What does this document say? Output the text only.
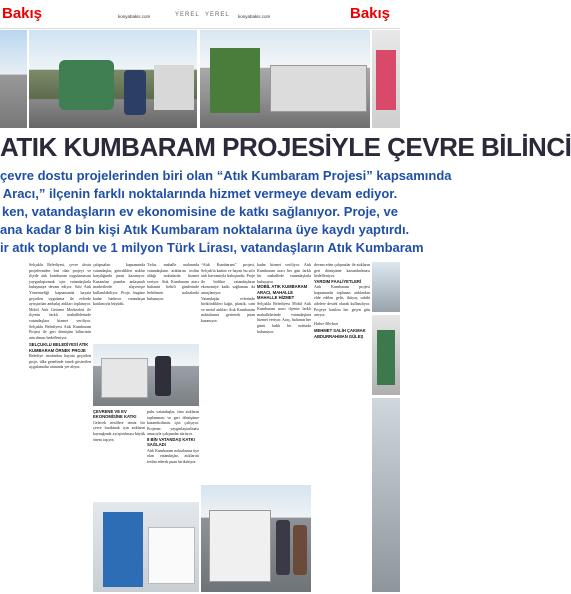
Bakış	konyabakis.com	YEREL YEREL konyabakis.com	Bakış
ATIK KUMBARAM PROJESİYLE ÇEVRE BİLİNCİ
çevre dostu projelerinden biri olan “Atık Kumbaram Projesi” kapsamında
Aracı,” ilçenin farklı noktalarında hizmet vermeye devam ediyor.
ken, vatandaşların ev ekonomisine de katkı sağlanıyor. Proje, ve
ana kadar 8 bin kişi Atık Kumbaram noktalarına üye kaydı yaptırdı.
ir atık toplandı ve 1 milyon Türk Lirası, vatandaşların Atık Kumbaram
Selçuklu Belediyesi, çevre dostu projelerinden biri olan projeyi ve ilçede atık kumbaram uygulamasını yaygınlaştırmak için vatandaşlarla buluşmaya devam ediyor. Sıfır Atık Yönetmeliği kapsamında hayata geçirilen uygulama ile evlerde ayrıştırılan ambalaj atıkları toplanıyor. Mobil Atık Getirme Merkezleri ile ilçenin farklı mahallelerinde vatandaşlara hizmet veriliyor. Selçuklu Belediyesi Atık Kumbaram Projesi ile geri dönüşüm bilincinin artırılması hedefleniyor.
SELÇUKLU BELEDİYESİ ATIK KUMBARAM ÖRNEK PROJE
Belediye tarafından hayata geçirilen proje, ülke genelinde örnek gösterilen uygulamalar arasında yer alıyor.
çalışmaları kapsamında vatandaşlar, getirdikleri atıklar karşılığında puan kazanıyor. Kazanılan puanlar anlaşmalı marketlerde alışverişte kullanılabiliyor. Proje, bugüne kadar binlerce vatandaşın katılımıyla büyüdü.
Tırlar, mahalle aralarında vatandaşların atıklarını teslim aldığı noktalarda hizmet veriyor. Atık Kumbaram aracı haftanın belirli günlerinde belirlenen noktalarda bulunuyor.
ÇEVRENE VE EV EKONOMİSİNE KATKI
Gelecek nesillere temiz bir çevre bırakmak için atıkların kaynağında ayrıştırılması büyük önem taşıyor.
pulu vatandaşlar, tüm atıkların toplanması ve geri dönüşüme kazandırılması için çalışıyor. Projenin yaygınlaştırılması amacıyla çalışmalar sürüyor.
8 BİN VATANDAŞ KATKI SAĞLADI
Atık Kumbaram noktalarına üye olan vatandaşlar, atıklarını teslim ederek puan biriktiriyor.
“Atık Kumbaram” projesi, Selçuk'ta kadını ve hayatı bu sıfır atık kavramıyla buluşturdu. Proje ile birlikte vatandaşların ekonomiye katkı sağlaması da amaçlanıyor.
Vatandaşlar evlerinde biriktirdikleri kağıt, plastik, cam ve metal atıkları Atık Kumbaram noktalarına getirerek puan kazanıyor.
kadar hizmet veriliyor. Atık Kumbaram aracı her gün farklı bir mahallede vatandaşlarla buluşuyor.
MOBİL ATIK KUMBARAM ARACI, MAHALLE MAHALLE HİZMET
Selçuklu Belediyesi Mobil Atık Kumbaram aracı ilçenin farklı mahallelerinde vatandaşlara hizmet veriyor. Araç, haftanın her günü farklı bir noktada bulunuyor.
devam eden çalışmalar ile atıkların geri dönüşüme kazandırılması hedefleniyor.
YARDIM FAALİYETLERİ
Atık Kumbaram projesi kapsamında toplanan atıklardan elde edilen gelir, ihtiyaç sahibi ailelere destek olarak kullanılıyor. Projeye katılım her geçen gün artıyor.
Haber Merkezi
MEHMET SALİH ÇAKMAK ABDURRAHMAN GÜLEŞ
